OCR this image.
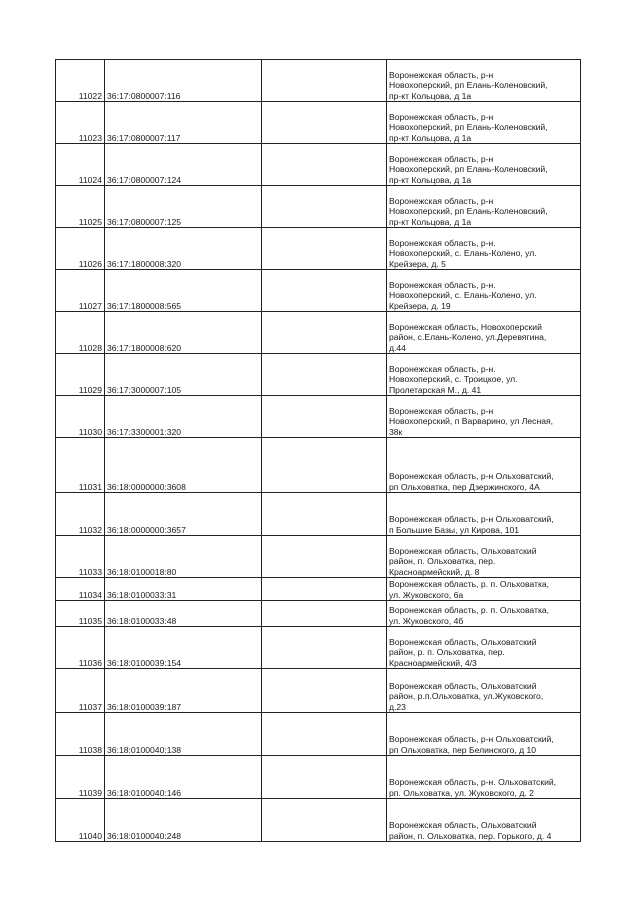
11022	36:17:0800007:116		Воронежская область, р-н
Новохоперский, рп Елань-Коленовский,
пр-кт Кольцова, д 1а

11023	36:17:0800007:117		Воронежская область, р-н
Новохоперский, рп Елань-Коленовский,
пр-кт Кольцова, д 1а

11024	36:17:0800007:124		Воронежская область, р-н
Новохоперский, рп Елань-Коленовский,
пр-кт Кольцова, д 1а

11025	36:17:0800007:125		Воронежская область, р-н
Новохоперский, рп Елань-Коленовский,
пр-кт Кольцова, д 1а

11026	36:17:1800008:320		Воронежская область, р-н.
Новохоперский, с. Елань-Колено, ул.
Крейзера, д. 5

11027	36:17:1800008:565		Воронежская область, р-н.
Новохоперский, с. Елань-Колено, ул.
Крейзера, д. 19

11028	36:17:1800008:620		Воронежская область, Новохоперский
район, с.Елань-Колено, ул.Деревягина,
д.44

11029	36:17:3000007:105		Воронежская область, р-н.
Новохоперский, с. Троицкое, ул.
Пролетарская М., д. 41

11030	36:17:3300001:320		Воронежская область, р-н
Новохоперский, п Варварино, ул Лесная,
38к

11031	36:18:0000000:3608		Воронежская область, р-н Ольховатский,
рп Ольховатка, пер Дзержинского, 4А

11032	36:18:0000000:3657		Воронежская область, р-н Ольховатский,
п Большие Базы, ул Кирова, 101

11033	36:18:0100018:80		Воронежская область, Ольховатский
район, п. Ольховатка, пер.
Красноармейский, д. 8

11034	36:18:0100033:31		Воронежская область, р. п. Ольховатка,
ул. Жуковского, 6а

11035	36:18:0100033:48		Воронежская область, р. п. Ольховатка,
ул. Жуковского, 4б

11036	36:18:0100039:154		Воронежская область, Ольховатский
район, р. п. Ольховатка, пер.
Красноармейский, 4/3

11037	36:18:0100039:187		Воронежская область, Ольховатский
район, р.п.Ольховатка, ул.Жуковского,
д.23

11038	36:18:0100040:138		Воронежская область, р-н Ольховатский,
рп Ольховатка, пер Белинского, д 10

11039	36:18:0100040:146		Воронежская область, р-н. Ольховатский,
рп. Ольховатка, ул. Жуковского, д. 2

11040	36:18:0100040:248		Воронежская область, Ольховатский
район, п. Ольховатка, пер. Горького, д. 4
